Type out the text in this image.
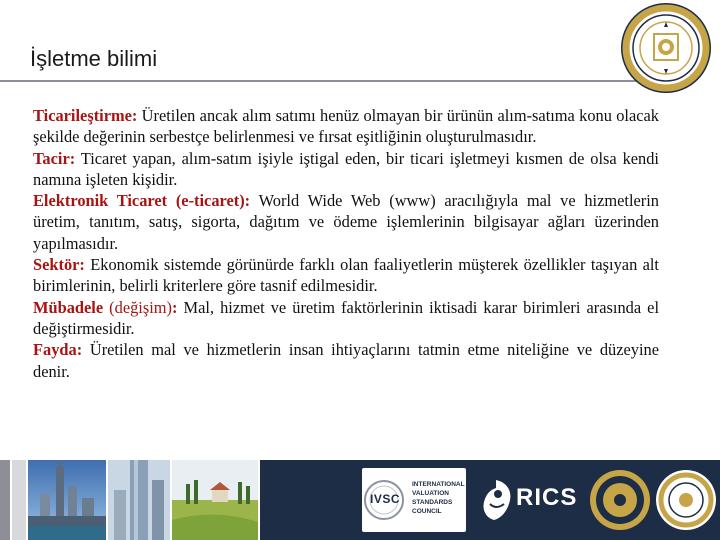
İşletme bilimi

Ticarileştirme: Üretilen ancak alım satımı henüz olmayan bir ürünün alım-satıma konu olacak şekilde değerinin serbestçe belirlenmesi ve fırsat eşitliğinin oluşturulmasıdır.

Tacir: Ticaret yapan, alım-satım işiyle iştigal eden, bir ticari işletmeyi kısmen de olsa kendi namına işleten kişidir.

Elektronik Ticaret (e-ticaret): World Wide Web (www) aracılığıyla mal ve hizmetlerin üretim, tanıtım, satış, sigorta, dağıtım ve ödeme işlemlerinin bilgisayar ağları üzerinden yapılmasıdır.

Sektör: Ekonomik sistemde görünürde farklı olan faaliyetlerin müşterek özellikler taşıyan alt birimlerinin, belirli kriterlere göre tasnif edilmesidir.

Mübadele (değişim): Mal, hizmet ve üretim faktörlerinin iktisadi karar birimleri arasında el değiştirmesidir.

Fayda: Üretilen mal ve hizmetlerin insan ihtiyaçlarını tatmin etme niteliğine ve düzeyine denir.

IVSC
INTERNATIONAL
VALUATION
STANDARDS
COUNCIL
RICS
